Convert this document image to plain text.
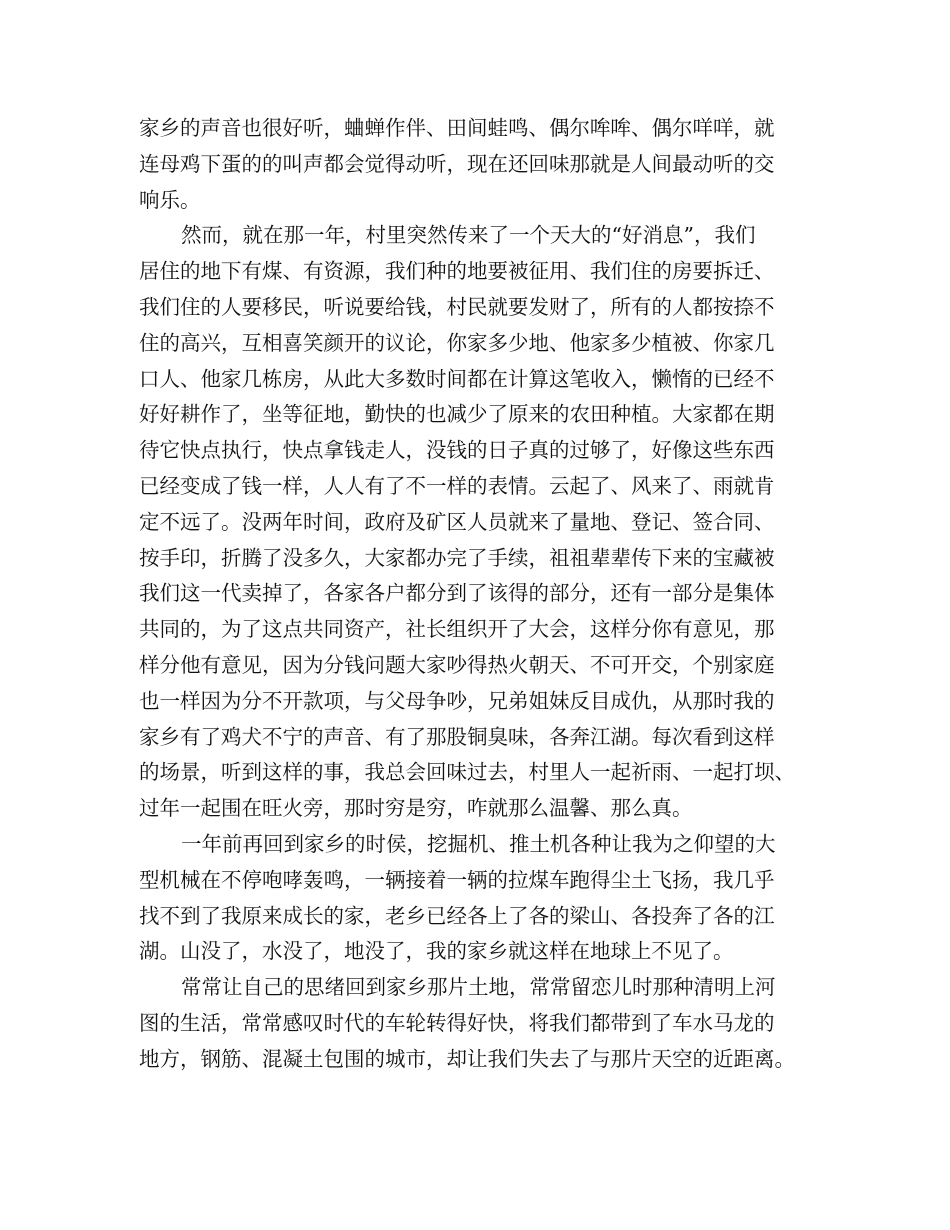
家乡的声音也很好听，蛐蝉作伴、田间蛙鸣、偶尔哞哞、偶尔咩咩，就
连母鸡下蛋的的叫声都会觉得动听，现在还回味那就是人间最动听的交
响乐。
然而，就在那一年，村里突然传来了一个天大的“好消息”，我们
居住的地下有煤、有资源，我们种的地要被征用、我们住的房要拆迁、
我们住的人要移民，听说要给钱，村民就要发财了，所有的人都按捺不
住的高兴，互相喜笑颜开的议论，你家多少地、他家多少植被、你家几
口人、他家几栋房，从此大多数时间都在计算这笔收入，懒惰的已经不
好好耕作了，坐等征地，勤快的也减少了原来的农田种植。大家都在期
待它快点执行，快点拿钱走人，没钱的日子真的过够了，好像这些东西
已经变成了钱一样，人人有了不一样的表情。云起了、风来了、雨就肯
定不远了。没两年时间，政府及矿区人员就来了量地、登记、签合同、
按手印，折腾了没多久，大家都办完了手续，祖祖辈辈传下来的宝藏被
我们这一代卖掉了，各家各户都分到了该得的部分，还有一部分是集体
共同的，为了这点共同资产，社长组织开了大会，这样分你有意见，那
样分他有意见，因为分钱问题大家吵得热火朝天、不可开交，个别家庭
也一样因为分不开款项，与父母争吵，兄弟姐妹反目成仇，从那时我的
家乡有了鸡犬不宁的声音、有了那股铜臭味，各奔江湖。每次看到这样
的场景，听到这样的事，我总会回味过去，村里人一起祈雨、一起打坝、
过年一起围在旺火旁，那时穷是穷，咋就那么温馨、那么真。
一年前再回到家乡的时侯，挖掘机、推土机各种让我为之仰望的大
型机械在不停咆哮轰鸣，一辆接着一辆的拉煤车跑得尘土飞扬，我几乎
找不到了我原来成长的家，老乡已经各上了各的梁山、各投奔了各的江
湖。山没了，水没了，地没了，我的家乡就这样在地球上不见了。
常常让自己的思绪回到家乡那片土地，常常留恋儿时那种清明上河
图的生活，常常感叹时代的车轮转得好快，将我们都带到了车水马龙的
地方，钢筋、混凝土包围的城市，却让我们失去了与那片天空的近距离。
